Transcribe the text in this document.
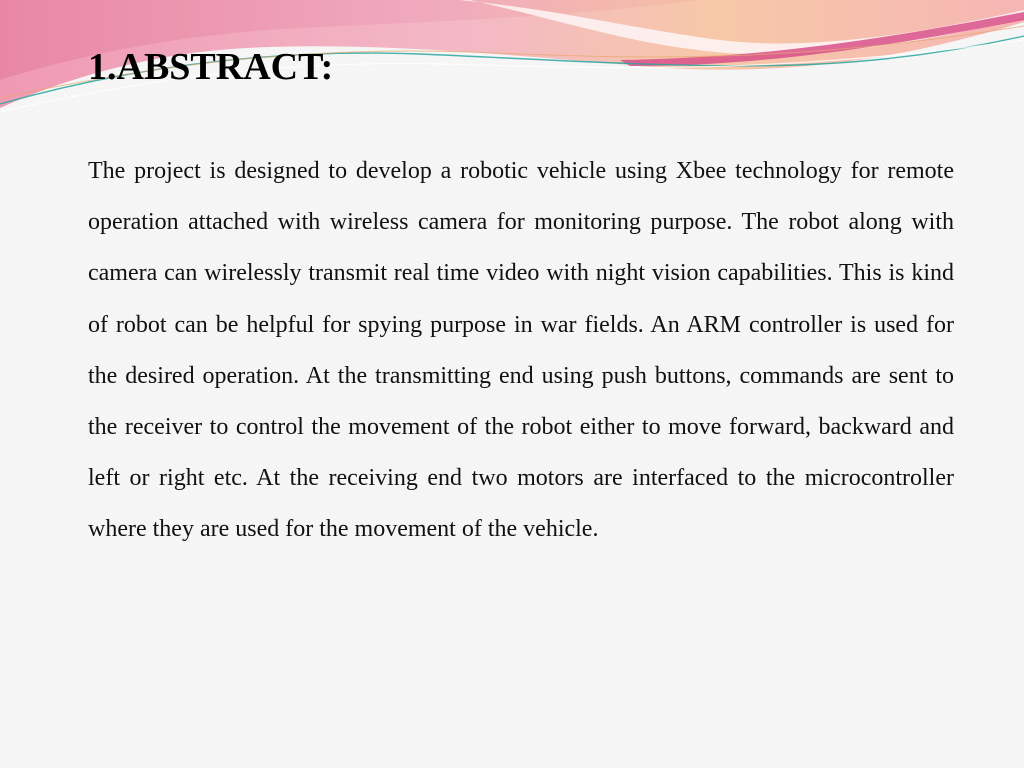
1.ABSTRACT:

The project is designed to develop a robotic vehicle using Xbee technology for remote operation attached with wireless camera for monitoring purpose. The robot along with camera can wirelessly transmit real time video with night vision capabilities. This is kind of robot can be helpful for spying purpose in war fields. An ARM controller is used for the desired operation. At the transmitting end using push buttons, commands are sent to the receiver to control the movement of the robot either to move forward, backward and left or right etc. At the receiving end two motors are interfaced to the microcontroller where they are used for the movement of the vehicle.
